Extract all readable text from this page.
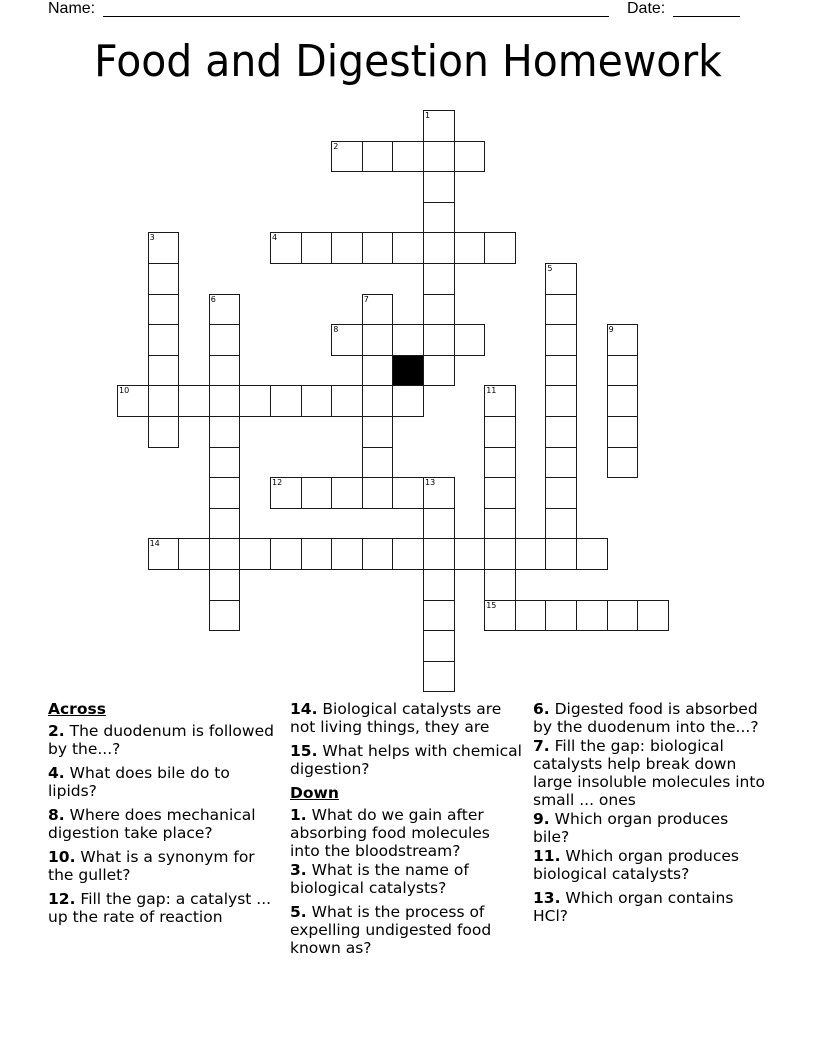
Name:	Date:
Food and Digestion Homework
1
2
3	4
5
6	7
8	9
10	11
15
12	13
14
Across
2. The duodenum is followed by the...?
4. What does bile do to lipids?
8. Where does mechanical digestion take place?
10. What is a synonym for the gullet?
12. Fill the gap: a catalyst ... up the rate of reaction
14. Biological catalysts are not living things, they are
15. What helps with chemical digestion?
Down
1. What do we gain after absorbing food molecules into the bloodstream?
3. What is the name of biological catalysts?
5. What is the process of expelling undigested food known as?
6. Digested food is absorbed by the duodenum into the...?
7. Fill the gap: biological catalysts help break down large insoluble molecules into small ... ones
9. Which organ produces bile?
11. Which organ produces biological catalysts?
13. Which organ contains HCl?
